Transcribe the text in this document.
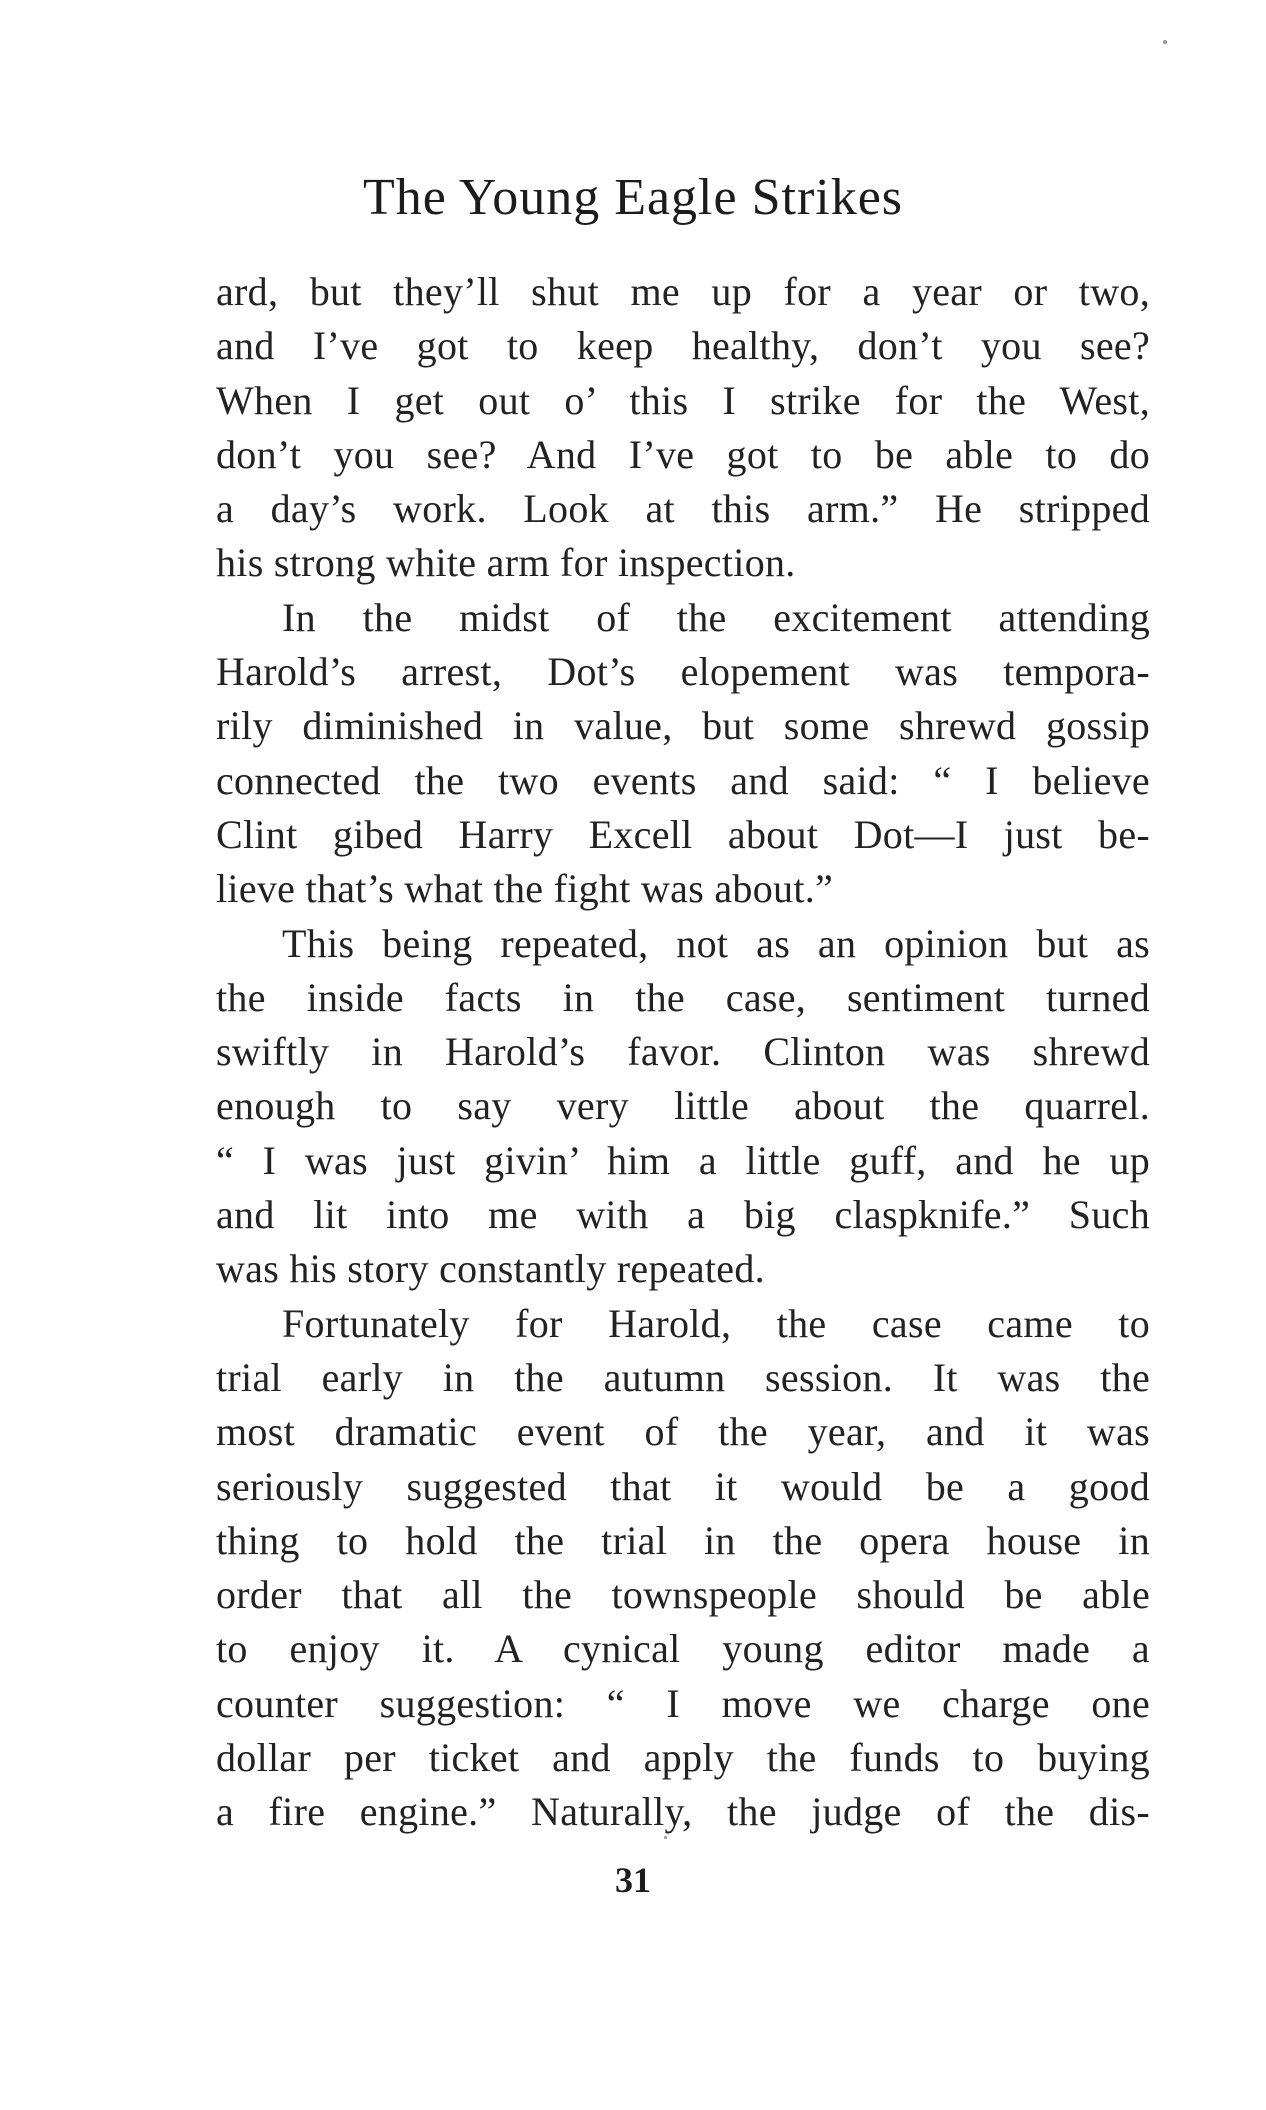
The Young Eagle Strikes
ard, but they’ll shut me up for a year or two,
and I’ve got to keep healthy, don’t you see?
When I get out o’ this I strike for the West,
don’t you see? And I’ve got to be able to do
a day’s work. Look at this arm.” He stripped
his strong white arm for inspection.
In the midst of the excitement attending
Harold’s arrest, Dot’s elopement was tempora-
rily diminished in value, but some shrewd gossip
connected the two events and said: “ I believe
Clint gibed Harry Excell about Dot—I just be-
lieve that’s what the fight was about.”
This being repeated, not as an opinion but as
the inside facts in the case, sentiment turned
swiftly in Harold’s favor. Clinton was shrewd
enough to say very little about the quarrel.
“ I was just givin’ him a little guff, and he up
and lit into me with a big claspknife.” Such
was his story constantly repeated.
Fortunately for Harold, the case came to
trial early in the autumn session. It was the
most dramatic event of the year, and it was
seriously suggested that it would be a good
thing to hold the trial in the opera house in
order that all the townspeople should be able
to enjoy it. A cynical young editor made a
counter suggestion: “ I move we charge one
dollar per ticket and apply the funds to buying
a fire engine.” Naturally, the judge of the dis-
31
